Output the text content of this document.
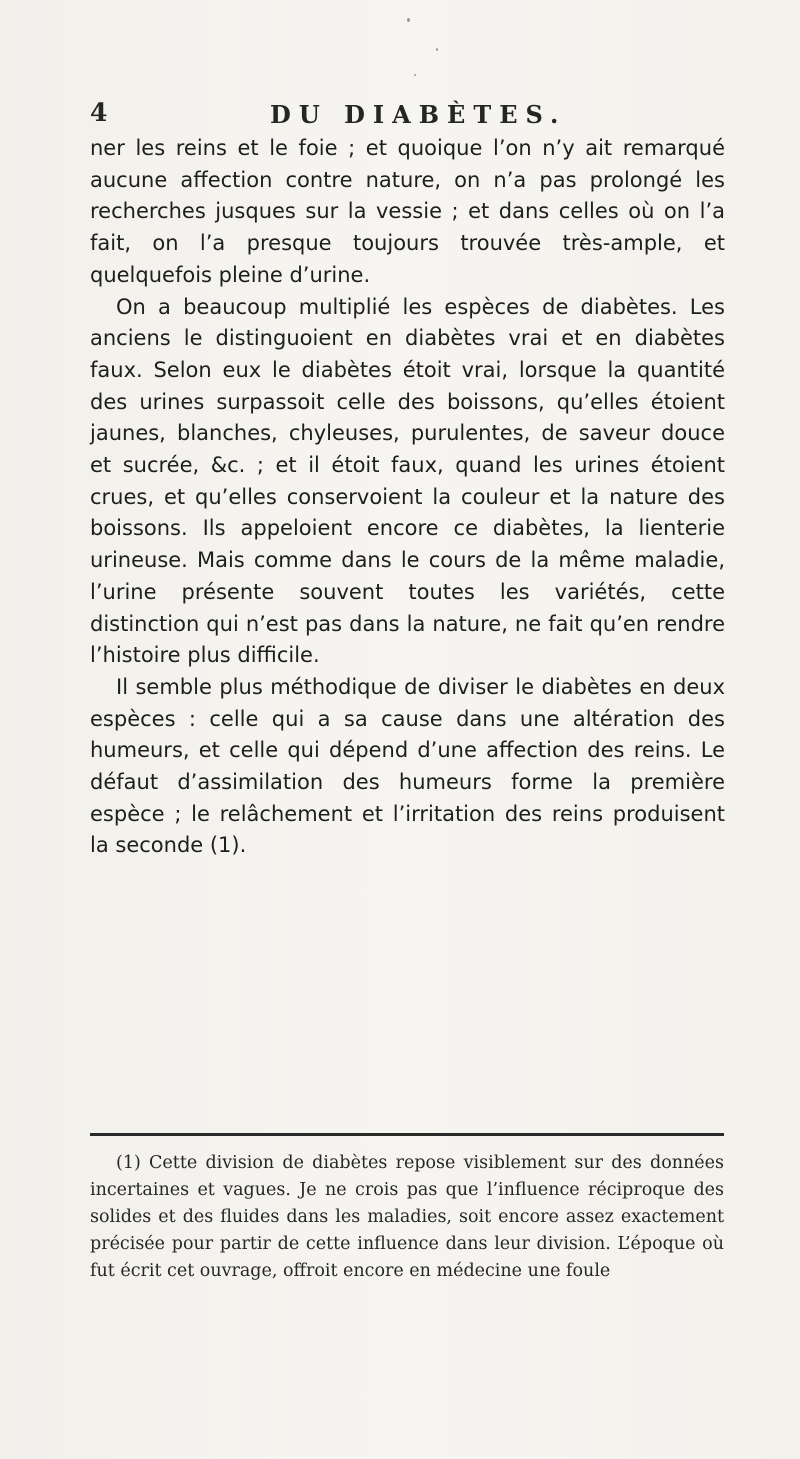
4	DU DIABÈTES.

ner les reins et le foie ; et quoique l’on n’y ait remarqué aucune affection contre nature, on n’a pas prolongé les recherches jusques sur la vessie ; et dans celles où on l’a fait, on l’a presque toujours trouvée très-ample, et quelquefois pleine d’urine.

On a beaucoup multiplié les espèces de diabètes. Les anciens le distinguoient en diabètes vrai et en diabètes faux. Selon eux le diabètes étoit vrai, lorsque la quantité des urines surpassoit celle des boissons, qu’elles étoient jaunes, blanches, chyleuses, purulentes, de saveur douce et sucrée, &c. ; et il étoit faux, quand les urines étoient crues, et qu’elles conservoient la couleur et la nature des boissons. Ils appeloient encore ce diabètes, la lienterie urineuse. Mais comme dans le cours de la même maladie, l’urine présente souvent toutes les variétés, cette distinction qui n’est pas dans la nature, ne fait qu’en rendre l’histoire plus difficile.

Il semble plus méthodique de diviser le diabètes en deux espèces : celle qui a sa cause dans une altération des humeurs, et celle qui dépend d’une affection des reins. Le défaut d’assimilation des humeurs forme la première espèce ; le relâchement et l’irritation des reins produisent la seconde (1).

(1) Cette division de diabètes repose visiblement sur des données incertaines et vagues. Je ne crois pas que l’influence réciproque des solides et des fluides dans les maladies, soit encore assez exactement précisée pour partir de cette influence dans leur division. L’époque où fut écrit cet ouvrage, offroit encore en médecine une foule
